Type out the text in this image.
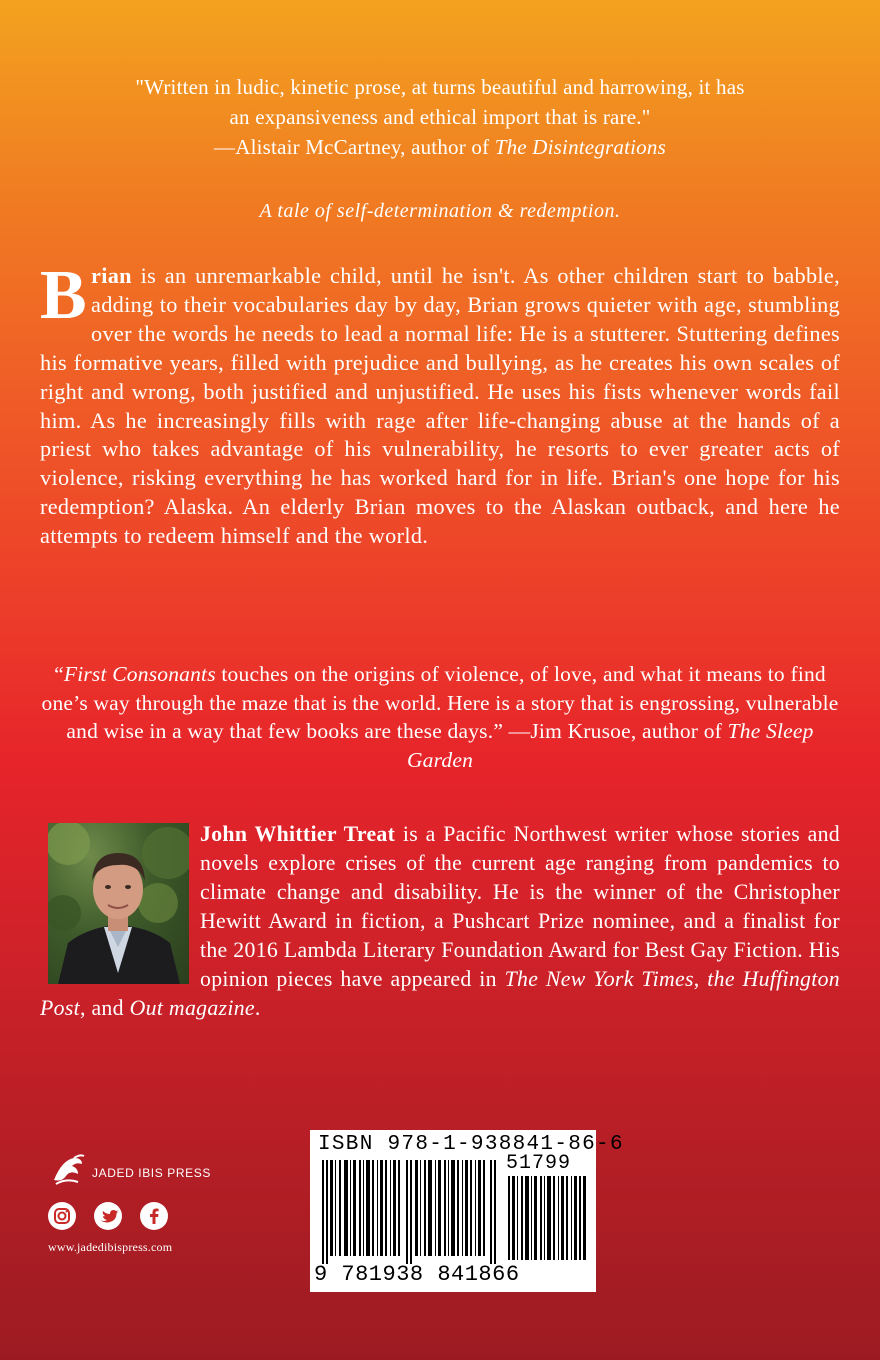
"Written in ludic, kinetic prose, at turns beautiful and harrowing, it has
an expansiveness and ethical import that is rare."
—Alistair McCartney, author of The Disintegrations
A tale of self-determination & redemption.

Brian is an unremarkable child, until he isn't. As other children start to babble, adding to their vocabularies day by day, Brian grows quieter with age, stumbling over the words he needs to lead a normal life: He is a stutterer. Stuttering defines his formative years, filled with prejudice and bullying, as he creates his own scales of right and wrong, both justified and unjustified. He uses his fists whenever words fail him. As he increasingly fills with rage after life-changing abuse at the hands of a priest who takes advantage of his vulnerability, he resorts to ever greater acts of violence, risking everything he has worked hard for in life. Brian's one hope for his redemption? Alaska. An elderly Brian moves to the Alaskan outback, and here he attempts to redeem himself and the world.

“First Consonants touches on the origins of violence, of love, and what it means to find one’s way through the maze that is the world. Here is a story that is engrossing, vulnerable and wise in a way that few books are these days.” —Jim Krusoe, author of The Sleep Garden

John Whittier Treat is a Pacific Northwest writer whose stories and novels explore crises of the current age ranging from pandemics to climate change and disability. He is the winner of the Christopher Hewitt Award in fiction, a Pushcart Prize nominee, and a finalist for the 2016 Lambda Literary Foundation Award for Best Gay Fiction. His opinion pieces have appeared in The New York Times, the Huffington Post, and Out magazine.

JADED IBIS PRESS
www.jadedibispress.com
ISBN 978-1-938841-86-6
51799
9 781938 841866
